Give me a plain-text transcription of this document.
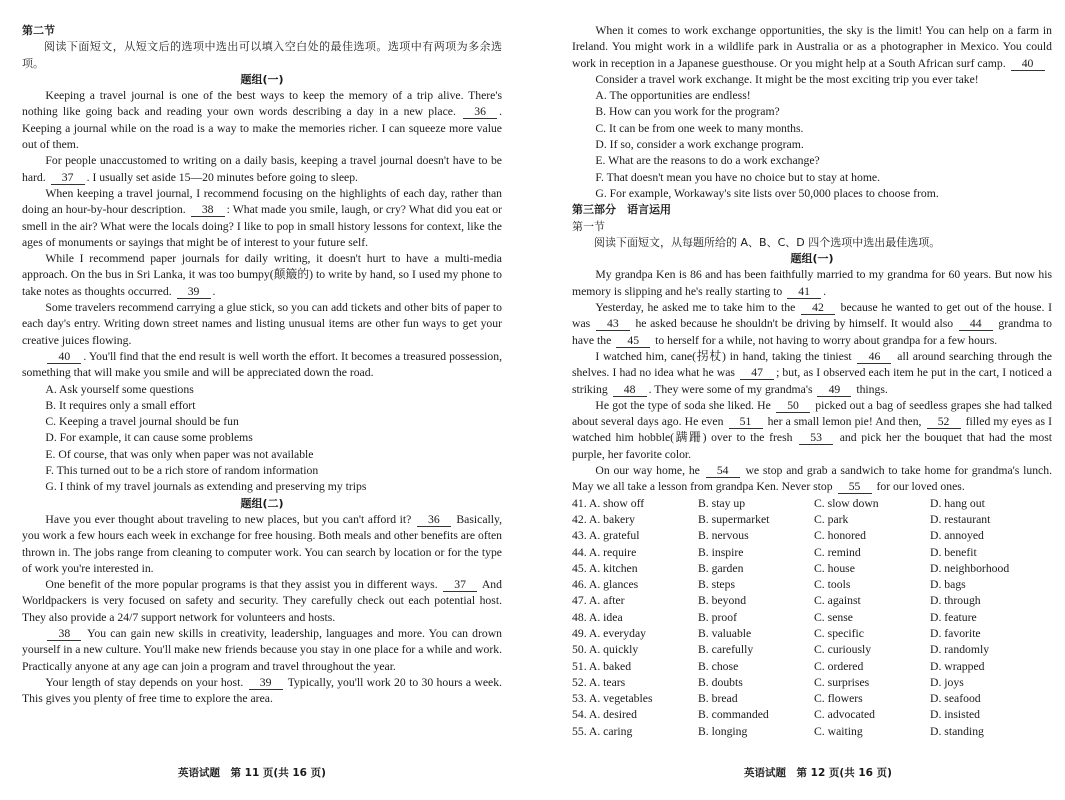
第二节

阅读下面短文，从短文后的选项中选出可以填入空白处的最佳选项。选项中有两项为多余选项。

题组(一)

Keeping a travel journal is one of the best ways to keep the memory of a trip alive. There's nothing like going back and reading your own words describing a day in a new place. 36 . Keeping a journal while on the road is a way to make the memories richer. I can squeeze more value out of them.

For people unaccustomed to writing on a daily basis, keeping a travel journal doesn't have to be hard. 37 . I usually set aside 15—20 minutes before going to sleep.

When keeping a travel journal, I recommend focusing on the highlights of each day, rather than doing an hour-by-hour description. 38 : What made you smile, laugh, or cry? What did you eat or smell in the air? What were the locals doing? I like to pop in small history lessons for context, like the ages of monuments or sayings that might be of interest to your future self.

While I recommend paper journals for daily writing, it doesn't hurt to have a multi-media approach. On the bus in Sri Lanka, it was too bumpy(颠簸的) to write by hand, so I used my phone to take notes as thoughts occurred. 39 .

Some travelers recommend carrying a glue stick, so you can add tickets and other bits of paper to each day's entry. Writing down street names and listing unusual items are other fun ways to get your creative juices flowing.

40 . You'll find that the end result is well worth the effort. It becomes a treasured possession, something that will make you smile and will be appreciated down the road.

A. Ask yourself some questions

B. It requires only a small effort

C. Keeping a travel journal should be fun

D. For example, it can cause some problems

E. Of course, that was only when paper was not available

F. This turned out to be a rich store of random information

G. I think of my travel journals as extending and preserving my trips

题组(二)

Have you ever thought about traveling to new places, but you can't afford it? 36 Basically, you work a few hours each week in exchange for free housing. Both meals and other benefits are often thrown in. The jobs range from cleaning to computer work. You can search by location or for the type of work you're interested in.

One benefit of the more popular programs is that they assist you in different ways. 37 And Worldpackers is very focused on safety and security. They carefully check out each potential host. They also provide a 24/7 support network for volunteers and hosts.

38 You can gain new skills in creativity, leadership, languages and more. You can drown yourself in a new culture. You'll make new friends because you stay in one place for a while and work. Practically anyone at any age can join a program and travel throughout the year.

Your length of stay depends on your host. 39 Typically, you'll work 20 to 30 hours a week. This gives you plenty of free time to explore the area.

英语试题　第 11 页(共 16 页)

When it comes to work exchange opportunities, the sky is the limit! You can help on a farm in Ireland. You might work in a wildlife park in Australia or as a photographer in Mexico. You could work in reception in a Japanese guesthouse. Or you might help at a South African surf camp. 40

Consider a travel work exchange. It might be the most exciting trip you ever take!

A. The opportunities are endless!

B. How can you work for the program?

C. It can be from one week to many months.

D. If so, consider a work exchange program.

E. What are the reasons to do a work exchange?

F. That doesn't mean you have no choice but to stay at home.

G. For example, Workaway's site lists over 50,000 places to choose from.

第三部分　语言运用

第一节

阅读下面短文，从每题所给的 A、B、C、D 四个选项中选出最佳选项。

题组(一)

My grandpa Ken is 86 and has been faithfully married to my grandma for 60 years. But now his memory is slipping and he's really starting to 41 .

Yesterday, he asked me to take him to the 42 because he wanted to get out of the house. I was 43 he asked because he shouldn't be driving by himself. It would also 44 grandma to have the 45 to herself for a while, not having to worry about grandpa for a few hours.

I watched him, cane(拐杖) in hand, taking the tiniest 46 all around searching through the shelves. I had no idea what he was 47 ; but, as I observed each item he put in the cart, I noticed a striking 48 . They were some of my grandma's 49 things.

He got the type of soda she liked. He 50 picked out a bag of seedless grapes she had talked about several days ago. He even 51 her a small lemon pie! And then, 52 filled my eyes as I watched him hobble(蹒跚) over to the fresh 53 and pick her the bouquet that had the most purple, her favorite color.

On our way home, he 54 we stop and grab a sandwich to take home for grandma's lunch. May we all take a lesson from grandpa Ken. Never stop 55 for our loved ones.

41. A. show off	B. stay up	C. slow down	D. hang out
42. A. bakery	B. supermarket	C. park	D. restaurant
43. A. grateful	B. nervous	C. honored	D. annoyed
44. A. require	B. inspire	C. remind	D. benefit
45. A. kitchen	B. garden	C. house	D. neighborhood
46. A. glances	B. steps	C. tools	D. bags
47. A. after	B. beyond	C. against	D. through
48. A. idea	B. proof	C. sense	D. feature
49. A. everyday	B. valuable	C. specific	D. favorite
50. A. quickly	B. carefully	C. curiously	D. randomly
51. A. baked	B. chose	C. ordered	D. wrapped
52. A. tears	B. doubts	C. surprises	D. joys
53. A. vegetables	B. bread	C. flowers	D. seafood
54. A. desired	B. commanded	C. advocated	D. insisted
55. A. caring	B. longing	C. waiting	D. standing
英语试题　第 12 页(共 16 页)
